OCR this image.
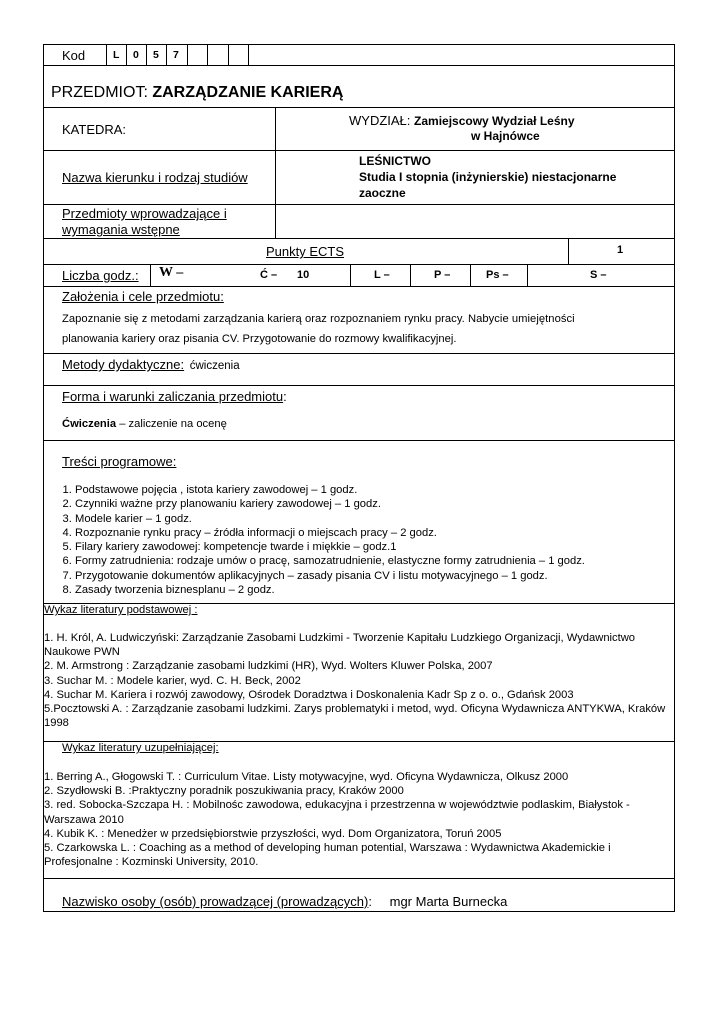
Kod	L 0 5 7
PRZEDMIOT: ZARZĄDZANIE KARIERĄ
KATEDRA:
WYDZIAŁ: Zamiejscowy Wydział Leśny
w Hajnówce
Nazwa kierunku i rodzaj studiów
LEŚNICTWO
Studia I stopnia (inżynierskie) niestacjonarne
zaoczne
Przedmioty wprowadzające i
wymagania wstępne
Punkty ECTS	1
Liczba godz.: W –	Ć – 10	L –	P –	Ps –	S –
Założenia i cele przedmiotu:
Zapoznanie się z metodami zarządzania karierą oraz rozpoznaniem rynku pracy. Nabycie umiejętności
planowania kariery oraz pisania CV. Przygotowanie do rozmowy kwalifikacyjnej.
Metody dydaktyczne: ćwiczenia
Forma i warunki zaliczania przedmiotu:
Ćwiczenia – zaliczenie na ocenę
Treści programowe:
1. Podstawowe pojęcia , istota kariery zawodowej – 1 godz.
2. Czynniki ważne przy planowaniu kariery zawodowej – 1 godz.
3. Modele karier – 1 godz.
4. Rozpoznanie rynku pracy – źródła informacji o miejscach pracy – 2 godz.
5. Filary kariery zawodowej: kompetencje twarde i miękkie – godz.1
6. Formy zatrudnienia: rodzaje umów o pracę, samozatrudnienie, elastyczne formy zatrudnienia – 1 godz.
7. Przygotowanie dokumentów aplikacyjnych – zasady pisania CV i listu motywacyjnego – 1 godz.
8. Zasady tworzenia biznesplanu – 2 godz.
Wykaz literatury podstawowej :
1. H. Król, A. Ludwiczyński: Zarządzanie Zasobami Ludzkimi - Tworzenie Kapitału Ludzkiego Organizacji, Wydawnictwo Naukowe PWN
2. M. Armstrong : Zarządzanie zasobami ludzkimi (HR), Wyd. Wolters Kluwer Polska, 2007
3. Suchar M. : Modele karier, wyd. C. H. Beck, 2002
4. Suchar M. Kariera i rozwój zawodowy, Ośrodek Doradztwa i Doskonalenia Kadr Sp z o. o., Gdańsk 2003
5.Pocztowski A. : Zarządzanie zasobami ludzkimi. Zarys problematyki i metod, wyd. Oficyna Wydawnicza ANTYKWA, Kraków 1998
Wykaz literatury uzupełniającej:
1. Berring A., Głogowski T. : Curriculum Vitae. Listy motywacyjne, wyd. Oficyna Wydawnicza, Olkusz 2000
2. Szydłowski B. :Praktyczny poradnik poszukiwania pracy, Kraków 2000
3. red. Sobocka-Szczapa H. : Mobilnośc zawodowa, edukacyjna i przestrzenna w województwie podlaskim, Białystok - Warszawa 2010
4. Kubik K. : Menedżer w przedsiębiorstwie przyszłości, wyd. Dom Organizatora, Toruń 2005
5. Czarkowska L. : Coaching as a method of developing human potential, Warszawa : Wydawnictwa Akademickie i Profesjonalne : Kozminski University, 2010.
Nazwisko osoby (osób) prowadzącej (prowadzących): mgr Marta Burnecka
